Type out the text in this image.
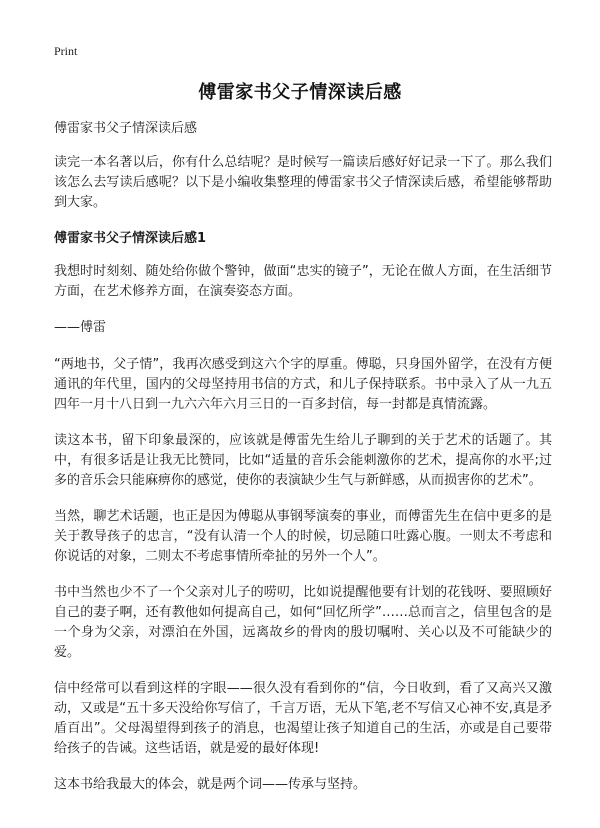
Print
傅雷家书父子情深读后感

傅雷家书父子情深读后感

读完一本名著以后，你有什么总结呢？是时候写一篇读后感好好记录一下了。那么我们该怎么去写读后感呢？以下是小编收集整理的傅雷家书父子情深读后感，希望能够帮助到大家。

傅雷家书父子情深读后感1

我想时时刻刻、随处给你做个警钟，做面“忠实的镜子”，无论在做人方面，在生活细节方面，在艺术修养方面，在演奏姿态方面。

——傅雷

“两地书，父子情”，我再次感受到这六个字的厚重。傅聪，只身国外留学，在没有方便通讯的年代里，国内的父母坚持用书信的方式，和儿子保持联系。书中录入了从一九五四年一月十八日到一九六六年六月三日的一百多封信，每一封都是真情流露。

读这本书，留下印象最深的，应该就是傅雷先生给儿子聊到的关于艺术的话题了。其中，有很多话是让我无比赞同，比如“适量的音乐会能刺激你的艺术，提高你的水平;过多的音乐会只能麻痹你的感觉，使你的表演缺少生气与新鲜感，从而损害你的艺术”。

当然，聊艺术话题，也正是因为傅聪从事钢琴演奏的事业，而傅雷先生在信中更多的是关于教导孩子的忠言，“没有认清一个人的时候，切忌随口吐露心腹。一则太不考虑和你说话的对象，二则太不考虑事情所牵扯的另外一个人”。

书中当然也少不了一个父亲对儿子的唠叨，比如说提醒他要有计划的花钱呀、要照顾好自己的妻子啊，还有教他如何提高自己，如何“回忆所学”……总而言之，信里包含的是一个身为父亲，对漂泊在外国，远离故乡的骨肉的殷切嘱咐、关心以及不可能缺少的爱。

信中经常可以看到这样的字眼——很久没有看到你的“信，今日收到，看了又高兴又激动，又或是“五十多天没给你写信了，千言万语，无从下笔,老不写信又心神不安,真是矛盾百出”。父母渴望得到孩子的消息，也渴望让孩子知道自己的生活，亦或是自己要带给孩子的告诫。这些话语，就是爱的最好体现!

这本书给我最大的体会，就是两个词——传承与坚持。
